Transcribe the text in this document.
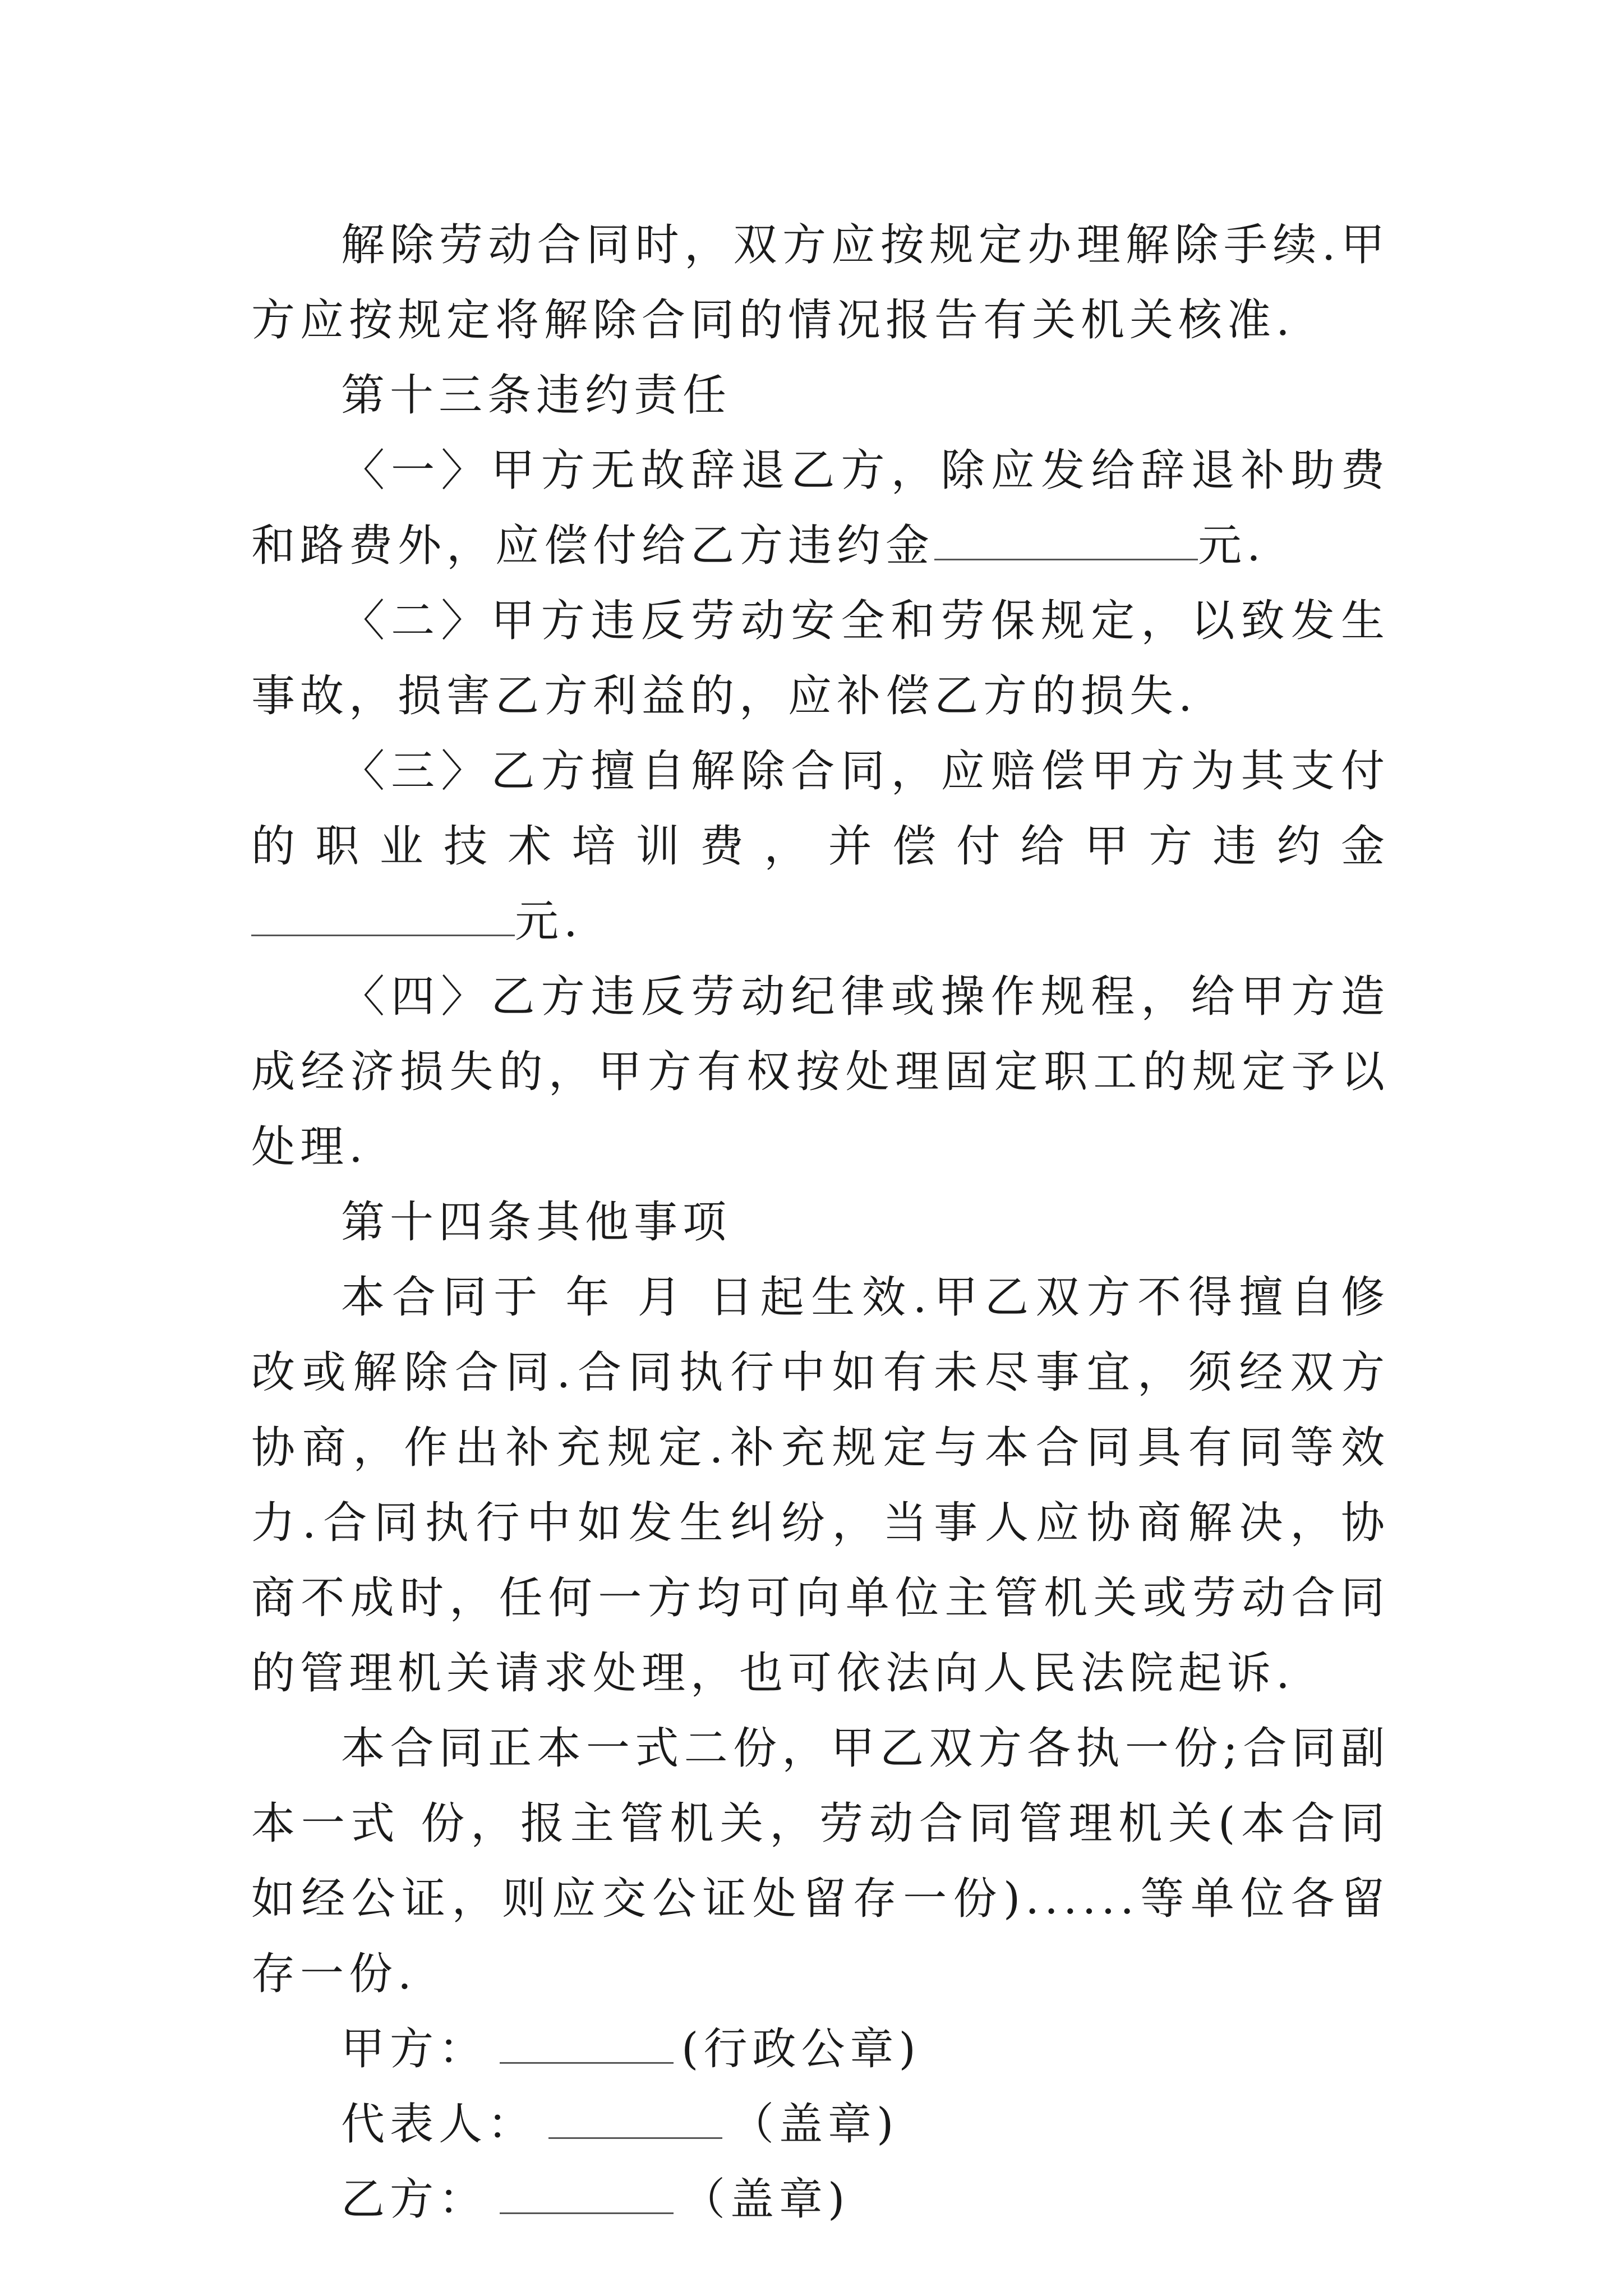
解除劳动合同时，双方应按规定办理解除手续.甲方应按规定将解除合同的情况报告有关机关核准.

第十三条违约责任

〈一〉甲方无故辞退乙方，除应发给辞退补助费和路费外，应偿付给乙方违约金	元.

〈二〉甲方违反劳动安全和劳保规定，以致发生事故，损害乙方利益的，应补偿乙方的损失.

〈三〉乙方擅自解除合同，应赔偿甲方为其支付的职业技术培训费，并偿付给甲方违约金元.

〈四〉乙方违反劳动纪律或操作规程，给甲方造成经济损失的，甲方有权按处理固定职工的规定予以处理.

第十四条其他事项

本合同于 年 月 日起生效.甲乙双方不得擅自修改或解除合同.合同执行中如有未尽事宜，须经双方协商，作出补充规定.补充规定与本合同具有同等效力.合同执行中如发生纠纷，当事人应协商解决，协商不成时，任何一方均可向单位主管机关或劳动合同的管理机关请求处理，也可依法向人民法院起诉.

本合同正本一式二份，甲乙双方各执一份;合同副本一式 份，报主管机关，劳动合同管理机关(本合同如经公证，则应交公证处留存一份)......等单位各留存一份.

甲方：	(行政公章)

代表人：	（盖章)

乙方：	（盖章)
